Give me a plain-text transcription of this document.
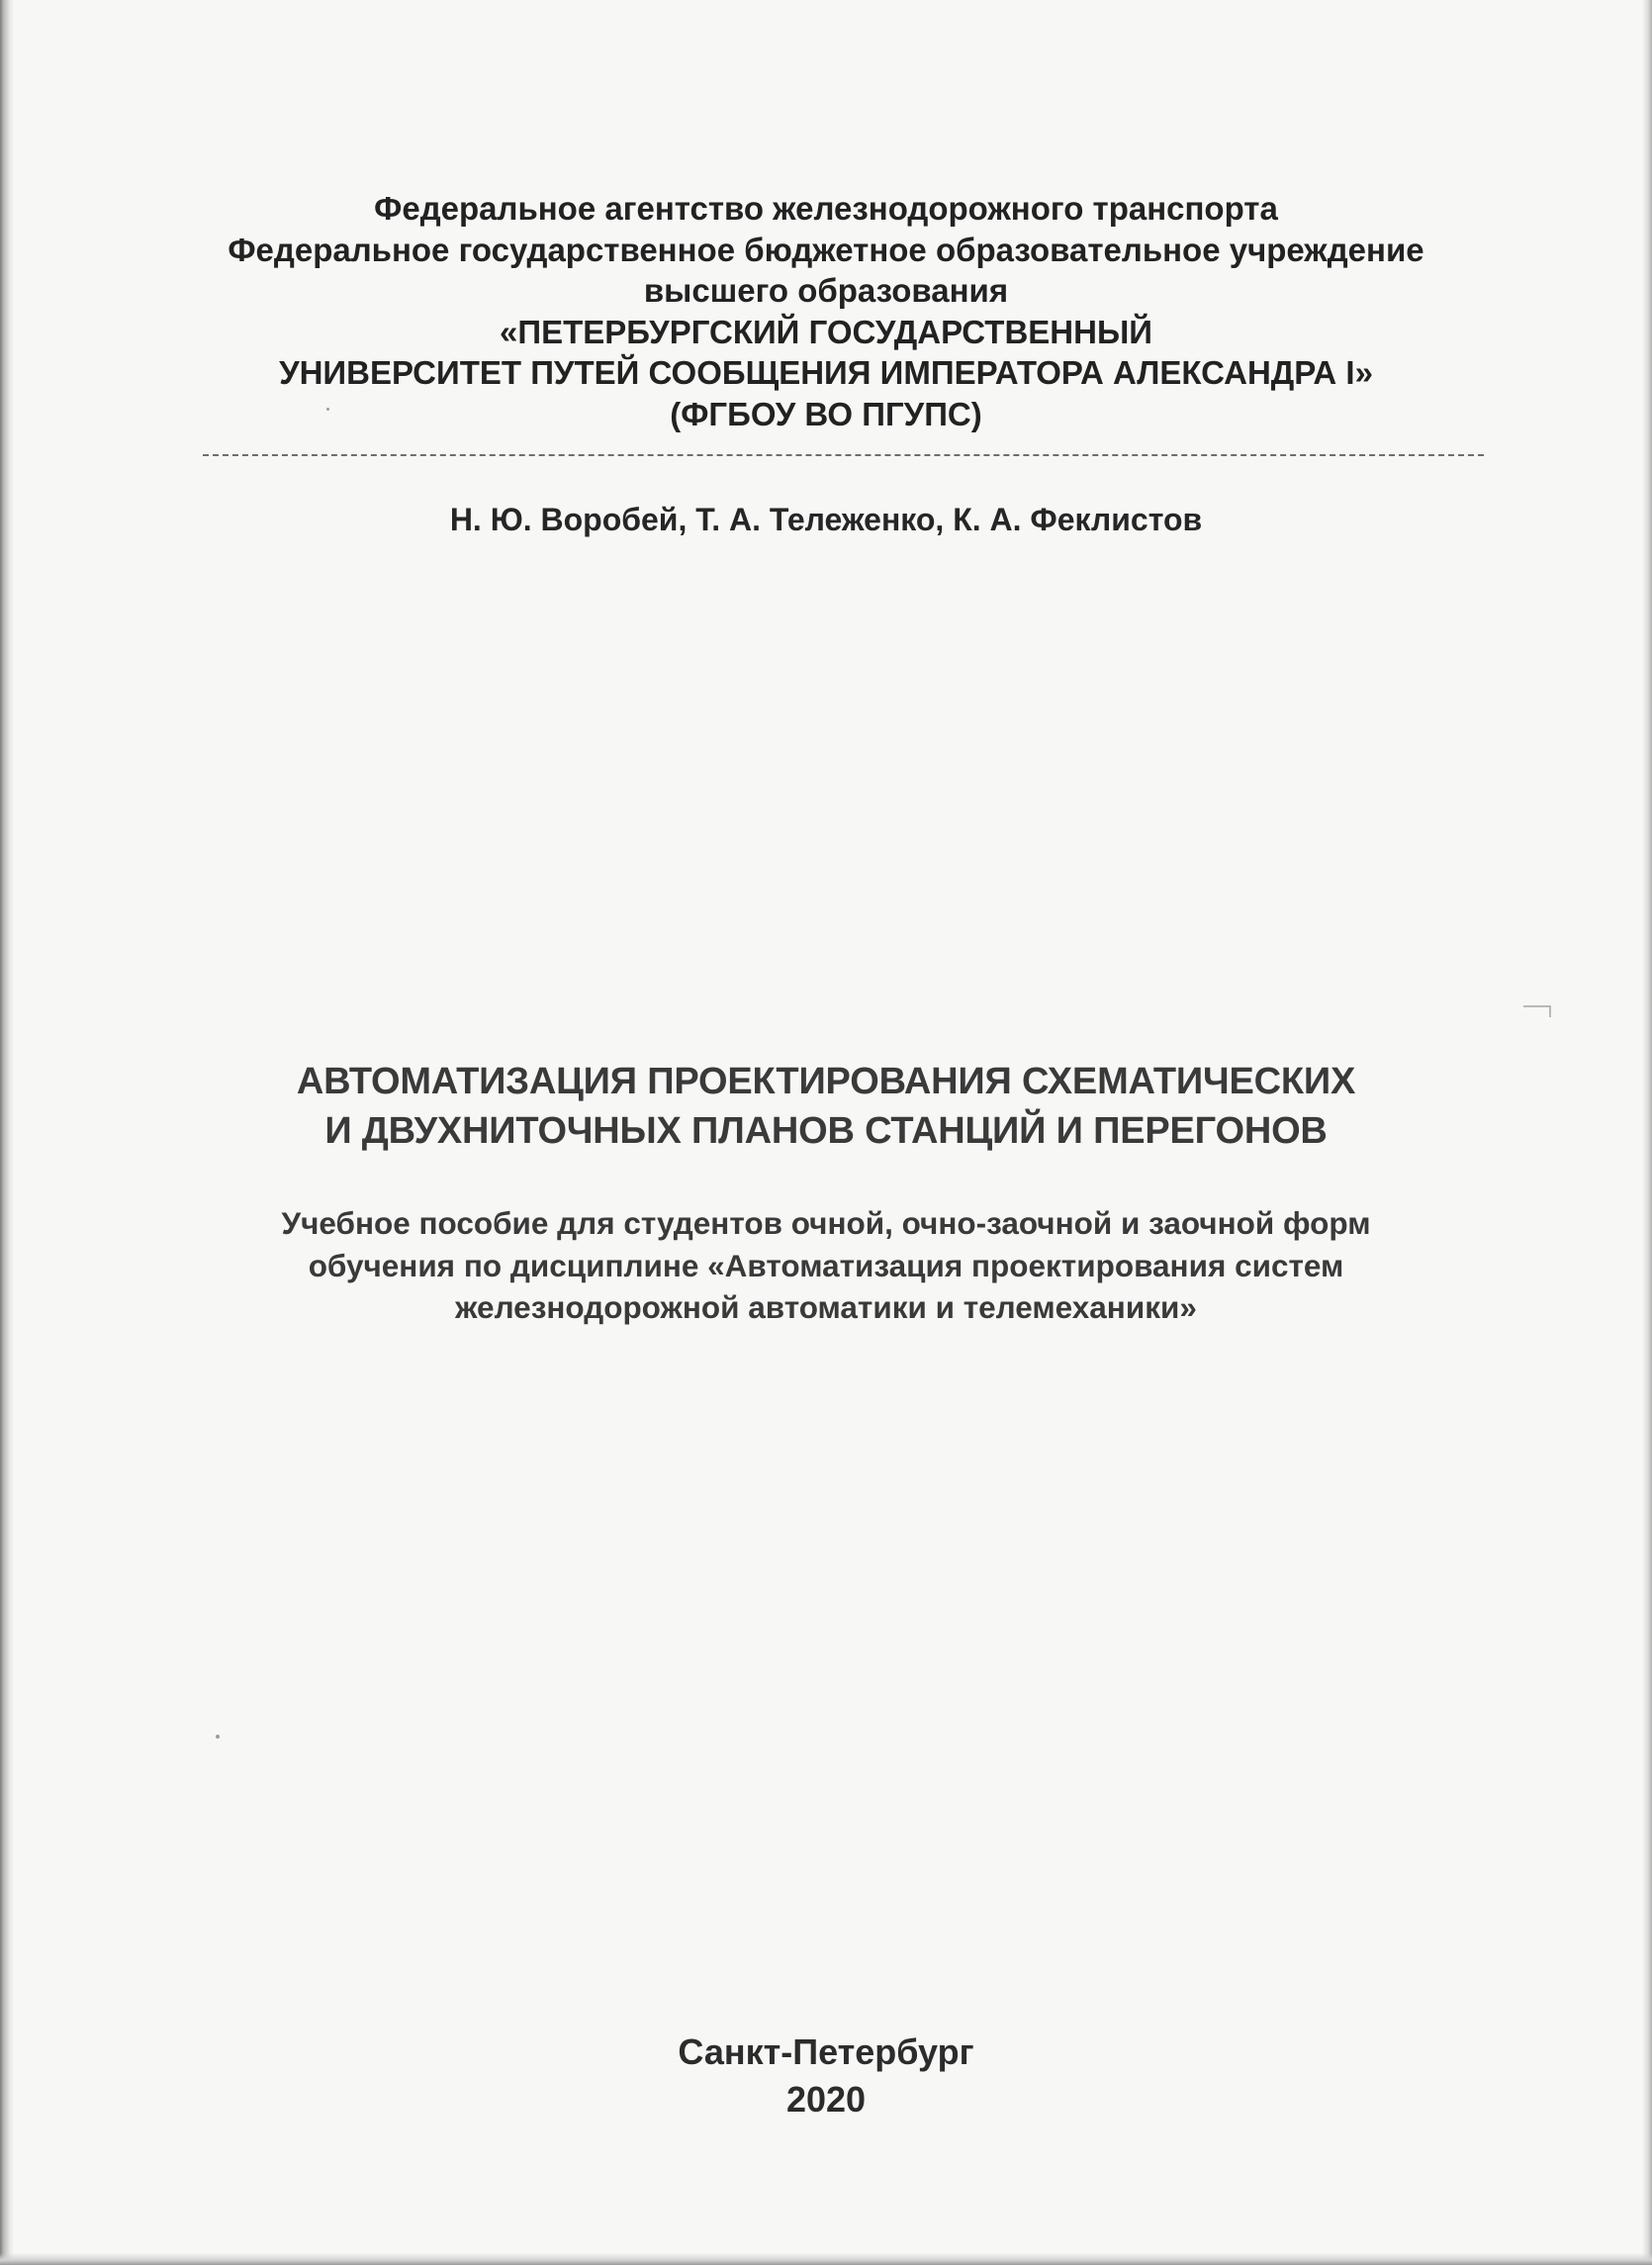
Федеральное агентство железнодорожного транспорта
Федеральное государственное бюджетное образовательное учреждение
высшего образования
«ПЕТЕРБУРГСКИЙ ГОСУДАРСТВЕННЫЙ
УНИВЕРСИТЕТ ПУТЕЙ СООБЩЕНИЯ ИМПЕРАТОРА АЛЕКСАНДРА I»
(ФГБОУ ВО ПГУПС)
Н. Ю. Воробей, Т. А. Тележенко, К. А. Феклистов
АВТОМАТИЗАЦИЯ ПРОЕКТИРОВАНИЯ СХЕМАТИЧЕСКИХ
И ДВУХНИТОЧНЫХ ПЛАНОВ СТАНЦИЙ И ПЕРЕГОНОВ
Учебное пособие для студентов очной, очно-заочной и заочной форм
обучения по дисциплине «Автоматизация проектирования систем
железнодорожной автоматики и телемеханики»
Санкт-Петербург
2020
